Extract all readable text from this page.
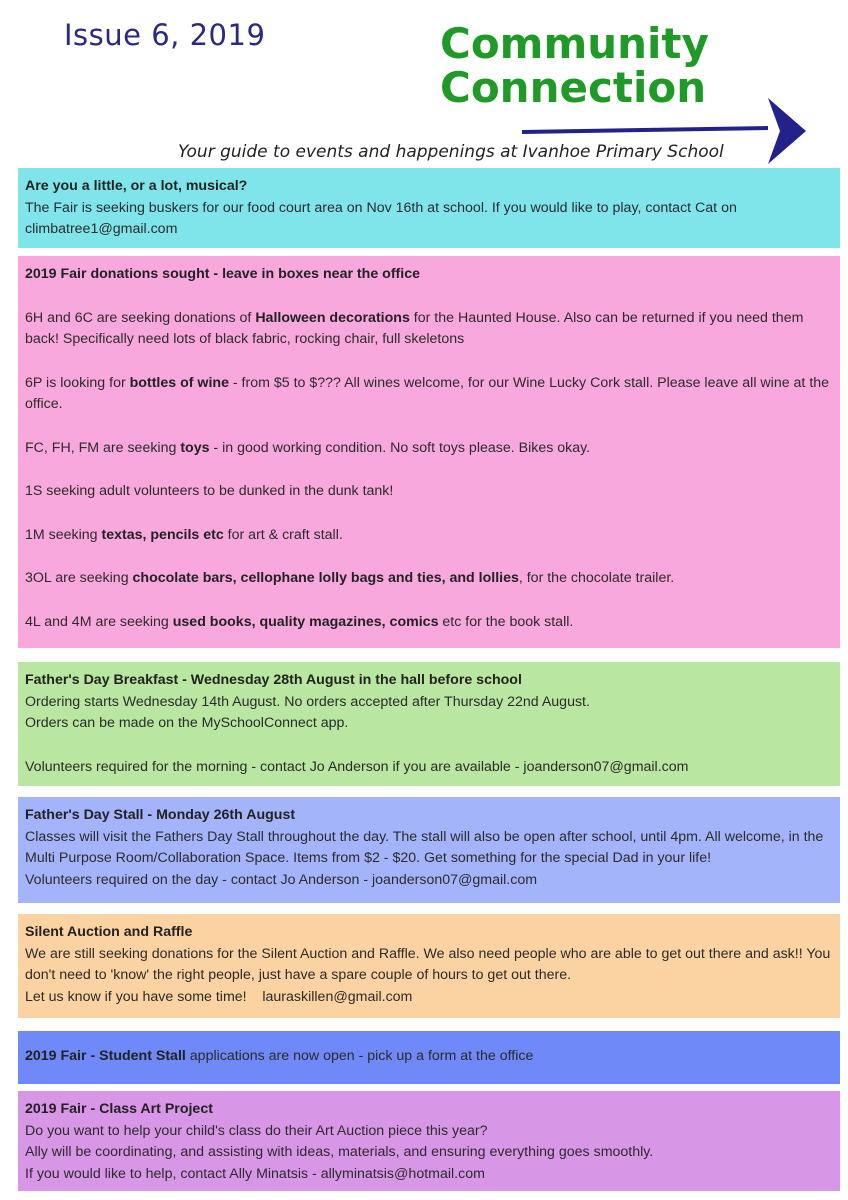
Issue 6, 2019	Community
Connection
Your guide to events and happenings at Ivanhoe Primary School

Are you a little, or a lot, musical?

The Fair is seeking buskers for our food court area on Nov 16th at school. If you would like to play, contact Cat on climbatree1@gmail.com

2019 Fair donations sought - leave in boxes near the office

6H and 6C are seeking donations of Halloween decorations for the Haunted House. Also can be returned if you need them back! Specifically need lots of black fabric, rocking chair, full skeletons

6P is looking for bottles of wine - from $5 to $??? All wines welcome, for our Wine Lucky Cork stall. Please leave all wine at the office.

FC, FH, FM are seeking toys - in good working condition. No soft toys please. Bikes okay.

1S seeking adult volunteers to be dunked in the dunk tank!

1M seeking textas, pencils etc for art & craft stall.

3OL are seeking chocolate bars, cellophane lolly bags and ties, and lollies, for the chocolate trailer.

4L and 4M are seeking used books, quality magazines, comics etc for the book stall.

Father's Day Breakfast - Wednesday 28th August in the hall before school

Ordering starts Wednesday 14th August. No orders accepted after Thursday 22nd August.

Orders can be made on the MySchoolConnect app.

Volunteers required for the morning - contact Jo Anderson if you are available - joanderson07@gmail.com

Father's Day Stall - Monday 26th August

Classes will visit the Fathers Day Stall throughout the day. The stall will also be open after school, until 4pm. All welcome, in the Multi Purpose Room/Collaboration Space. Items from $2 - $20. Get something for the special Dad in your life!

Volunteers required on the day - contact Jo Anderson - joanderson07@gmail.com

Silent Auction and Raffle

We are still seeking donations for the Silent Auction and Raffle. We also need people who are able to get out there and ask!! You don't need to 'know' the right people, just have a spare couple of hours to get out there.

Let us know if you have some time!    lauraskillen@gmail.com

2019 Fair - Student Stall applications are now open - pick up a form at the office

2019 Fair - Class Art Project

Do you want to help your child's class do their Art Auction piece this year?

Ally will be coordinating, and assisting with ideas, materials, and ensuring everything goes smoothly.

If you would like to help, contact Ally Minatsis - allyminatsis@hotmail.com
